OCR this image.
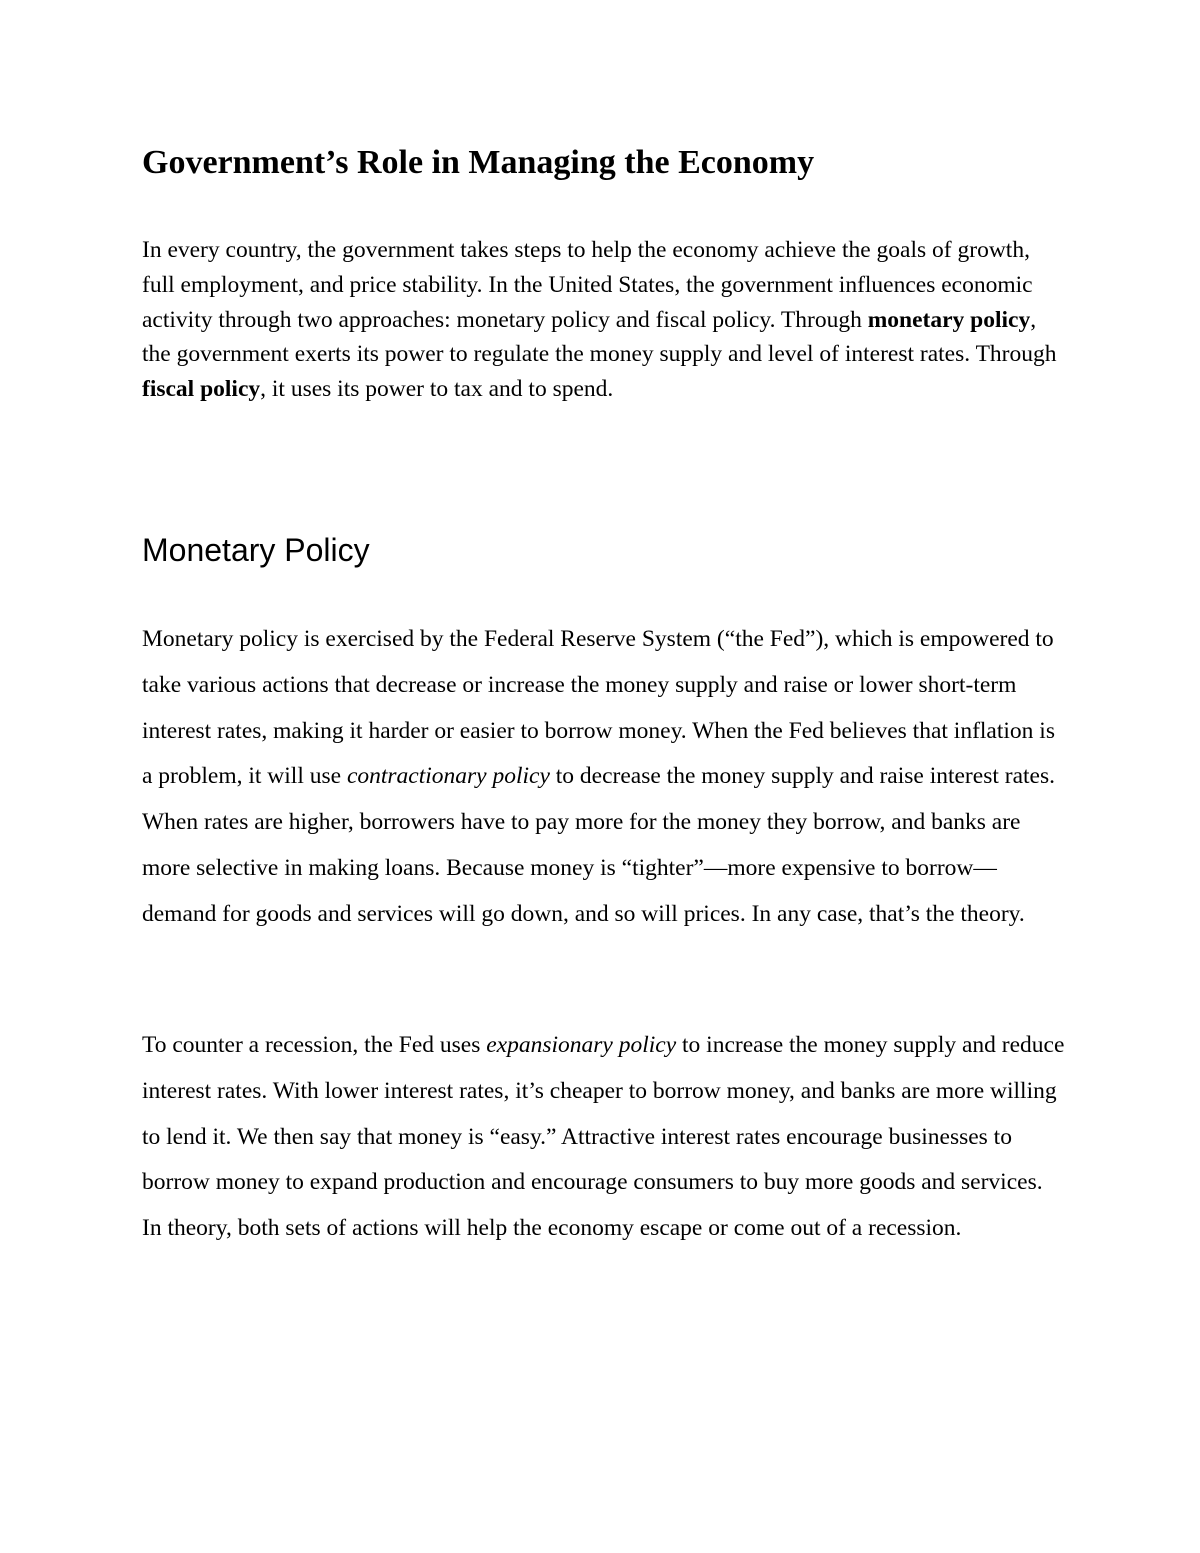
Government’s Role in Managing the Economy

In every country, the government takes steps to help the economy achieve the goals of growth, full employment, and price stability. In the United States, the government influences economic activity through two approaches: monetary policy and fiscal policy. Through monetary policy, the government exerts its power to regulate the money supply and level of interest rates. Through fiscal policy, it uses its power to tax and to spend.

Monetary Policy

Monetary policy is exercised by the Federal Reserve System (“the Fed”), which is empowered to take various actions that decrease or increase the money supply and raise or lower short-term interest rates, making it harder or easier to borrow money. When the Fed believes that inflation is a problem, it will use contractionary policy to decrease the money supply and raise interest rates. When rates are higher, borrowers have to pay more for the money they borrow, and banks are more selective in making loans. Because money is “tighter”—more expensive to borrow—demand for goods and services will go down, and so will prices. In any case, that’s the theory.

To counter a recession, the Fed uses expansionary policy to increase the money supply and reduce interest rates. With lower interest rates, it’s cheaper to borrow money, and banks are more willing to lend it. We then say that money is “easy.” Attractive interest rates encourage businesses to borrow money to expand production and encourage consumers to buy more goods and services. In theory, both sets of actions will help the economy escape or come out of a recession.
